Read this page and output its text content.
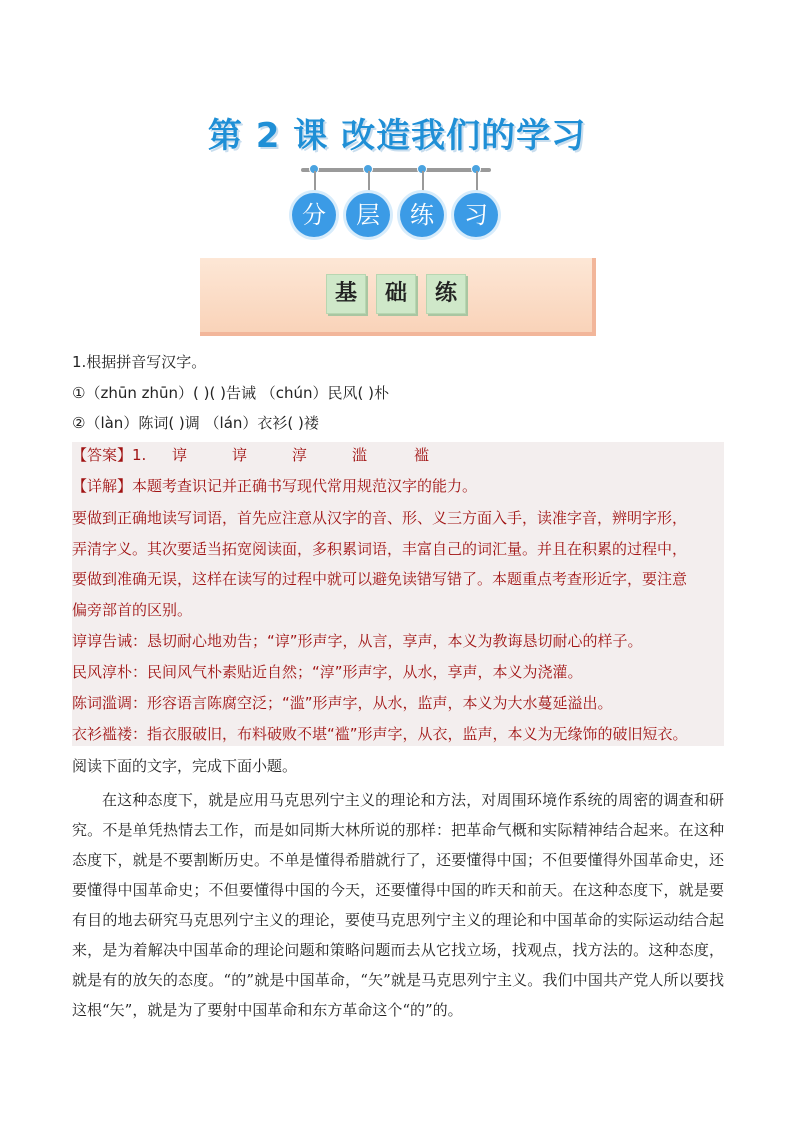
第 2 课 改造我们的学习
分	层	练	习
基	础	练
1.根据拼音写汉字。
①（zhūn zhūn）( )( )告诫 （chún）民风( )朴
②（làn）陈词( )调 （lán）衣衫( )褛
【答案】1. 谆	谆	淳	滥	褴
【详解】本题考查识记并正确书写现代常用规范汉字的能力。
要做到正确地读写词语，首先应注意从汉字的音、形、义三方面入手，读准字音，辨明字形，
弄清字义。其次要适当拓宽阅读面，多积累词语，丰富自己的词汇量。并且在积累的过程中，
要做到准确无误，这样在读写的过程中就可以避免读错写错了。本题重点考查形近字，要注意
偏旁部首的区别。
谆谆告诫：恳切耐心地劝告；“谆”形声字，从言，享声，本义为教诲恳切耐心的样子。
民风淳朴：民间风气朴素贴近自然；“淳”形声字，从水，享声，本义为浇灌。
陈词滥调：形容语言陈腐空泛；“滥”形声字，从水，监声，本义为大水蔓延溢出。
衣衫褴褛：指衣服破旧，布料破败不堪“褴”形声字，从衣，监声，本义为无缘饰的破旧短衣。
阅读下面的文字，完成下面小题。

在这种态度下，就是应用马克思列宁主义的理论和方法，对周围环境作系统的周密的调查和研究。不是单凭热情去工作，而是如同斯大林所说的那样：把革命气概和实际精神结合起来。在这种态度下，就是不要割断历史。不单是懂得希腊就行了，还要懂得中国；不但要懂得外国革命史，还要懂得中国革命史；不但要懂得中国的今天，还要懂得中国的昨天和前天。在这种态度下，就是要有目的地去研究马克思列宁主义的理论，要使马克思列宁主义的理论和中国革命的实际运动结合起来，是为着解决中国革命的理论问题和策略问题而去从它找立场，找观点，找方法的。这种态度，就是有的放矢的态度。“的”就是中国革命，“矢”就是马克思列宁主义。我们中国共产党人所以要找这根“矢”，就是为了要射中国革命和东方革命这个“的”的。
